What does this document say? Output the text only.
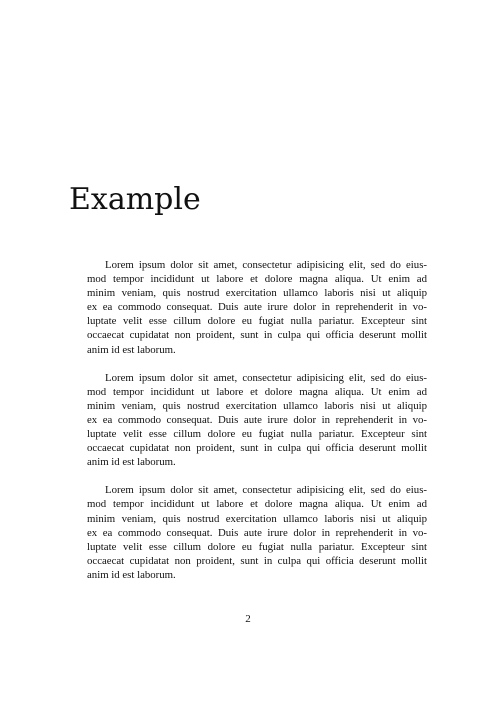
Example

Lorem ipsum dolor sit amet, consectetur adipisicing elit, sed do eius-
mod tempor incididunt ut labore et dolore magna aliqua. Ut enim ad
minim veniam, quis nostrud exercitation ullamco laboris nisi ut aliquip
ex ea commodo consequat. Duis aute irure dolor in reprehenderit in vo-
luptate velit esse cillum dolore eu fugiat nulla pariatur. Excepteur sint
occaecat cupidatat non proident, sunt in culpa qui officia deserunt mollit
anim id est laborum.

Lorem ipsum dolor sit amet, consectetur adipisicing elit, sed do eius-
mod tempor incididunt ut labore et dolore magna aliqua. Ut enim ad
minim veniam, quis nostrud exercitation ullamco laboris nisi ut aliquip
ex ea commodo consequat. Duis aute irure dolor in reprehenderit in vo-
luptate velit esse cillum dolore eu fugiat nulla pariatur. Excepteur sint
occaecat cupidatat non proident, sunt in culpa qui officia deserunt mollit
anim id est laborum.

Lorem ipsum dolor sit amet, consectetur adipisicing elit, sed do eius-
mod tempor incididunt ut labore et dolore magna aliqua. Ut enim ad
minim veniam, quis nostrud exercitation ullamco laboris nisi ut aliquip
ex ea commodo consequat. Duis aute irure dolor in reprehenderit in vo-
luptate velit esse cillum dolore eu fugiat nulla pariatur. Excepteur sint
occaecat cupidatat non proident, sunt in culpa qui officia deserunt mollit
anim id est laborum.

2
